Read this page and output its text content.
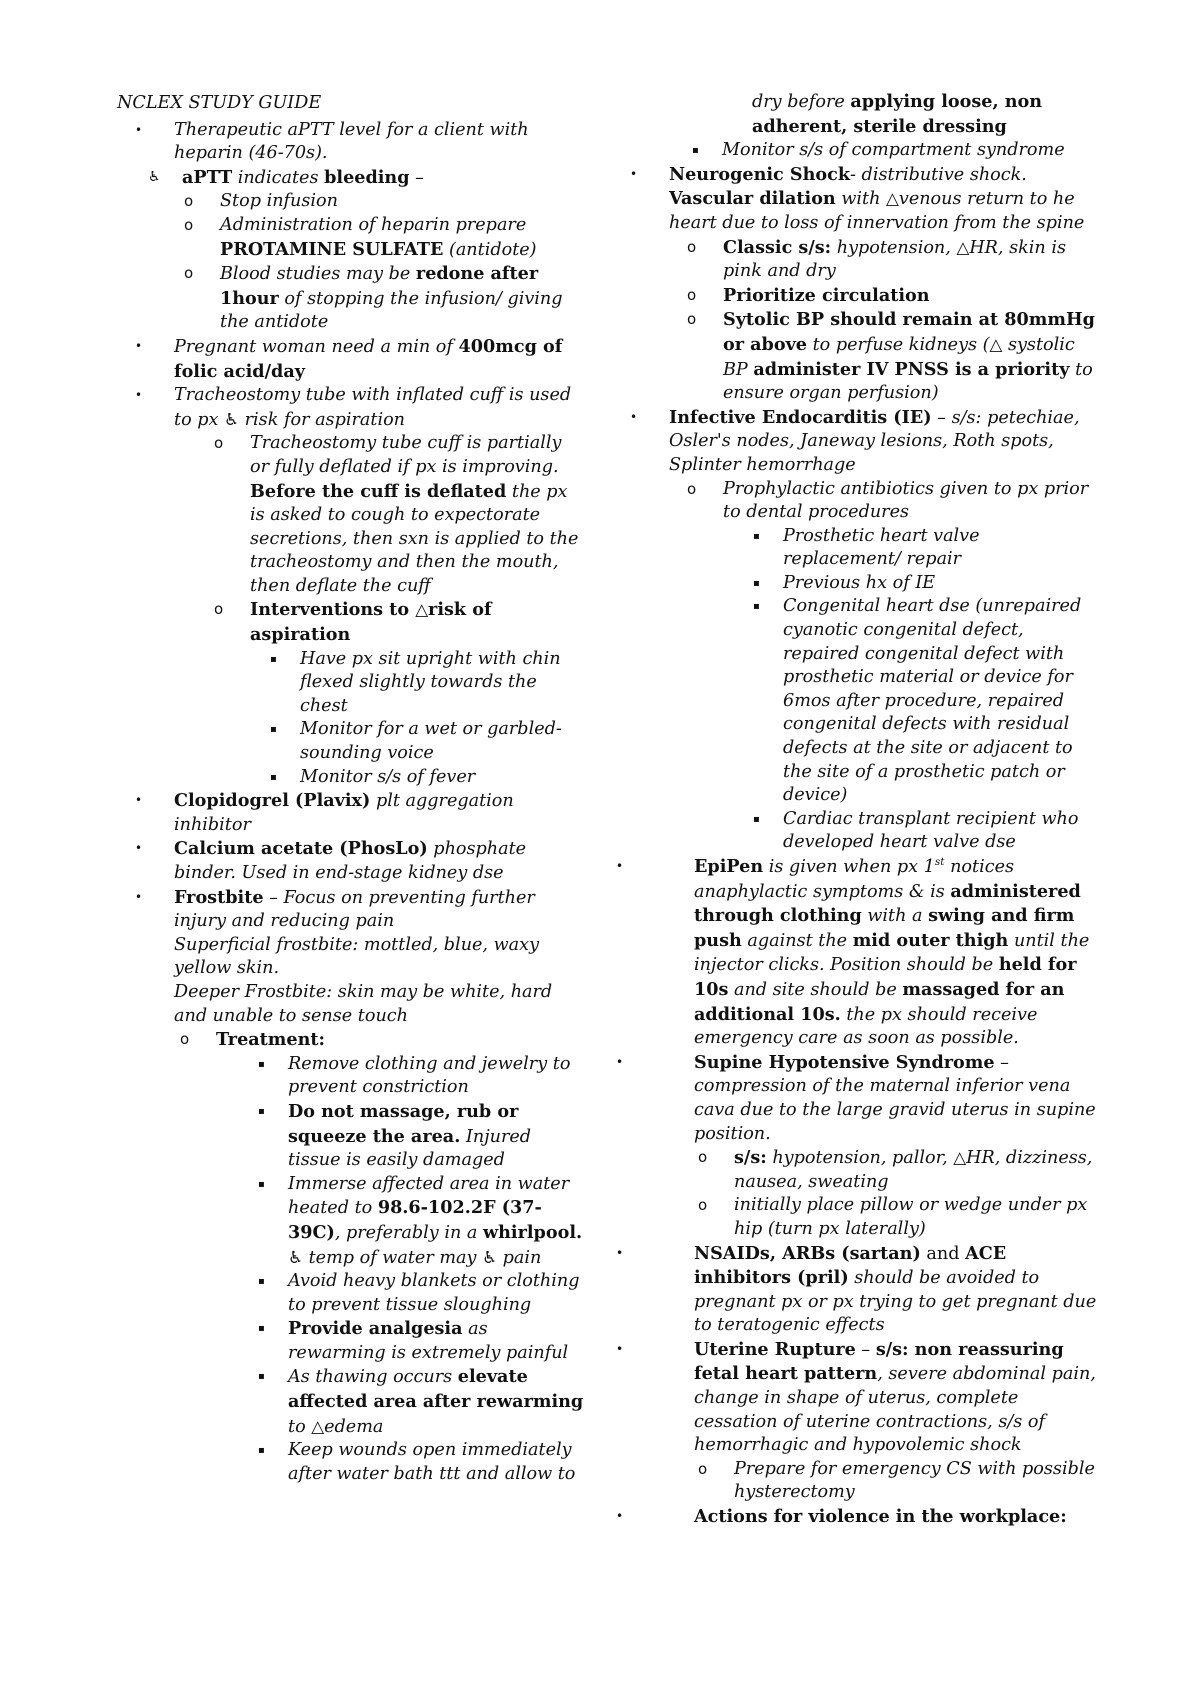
NCLEX STUDY GUIDE
• Therapeutic aPTT level for a client with heparin (46-70s).
♿ aPTT indicates bleeding –
o Stop infusion
o Administration of heparin prepare PROTAMINE SULFATE (antidote)
o Blood studies may be redone after 1hour of stopping the infusion/ giving the antidote
• Pregnant woman need a min of 400mcg of folic acid/day
• Tracheostomy tube with inflated cuff is used to px ♿ risk for aspiration
o Tracheostomy tube cuff is partially or fully deflated if px is improving. Before the cuff is deflated the px is asked to cough to expectorate secretions, then sxn is applied to the tracheostomy and then the mouth, then deflate the cuff
o Interventions to △risk of aspiration
▪ Have px sit upright with chin flexed slightly towards the chest
▪ Monitor for a wet or garbled-sounding voice
▪ Monitor s/s of fever
• Clopidogrel (Plavix) plt aggregation inhibitor
• Calcium acetate (PhosLo) phosphate binder. Used in end-stage kidney dse
• Frostbite – Focus on preventing further injury and reducing pain
Superficial frostbite: mottled, blue, waxy yellow skin.
Deeper Frostbite: skin may be white, hard and unable to sense touch
o Treatment:
▪ Remove clothing and jewelry to prevent constriction
▪ Do not massage, rub or squeeze the area. Injured tissue is easily damaged
▪ Immerse affected area in water heated to 98.6-102.2F (37-39C), preferably in a whirlpool. ♿ temp of water may ♿ pain
▪ Avoid heavy blankets or clothing to prevent tissue sloughing
▪ Provide analgesia as rewarming is extremely painful
▪ As thawing occurs elevate affected area after rewarming to △edema
▪ Keep wounds open immediately after water bath ttt and allow to
dry before applying loose, non adherent, sterile dressing
▪ Monitor s/s of compartment syndrome
• Neurogenic Shock- distributive shock.
Vascular dilation with △venous return to he heart due to loss of innervation from the spine
o Classic s/s: hypotension, △HR, skin is pink and dry
o Prioritize circulation
o Sytolic BP should remain at 80mmHg or above to perfuse kidneys (△ systolic BP administer IV PNSS is a priority to ensure organ perfusion)
• Infective Endocarditis (IE) – s/s: petechiae, Osler's nodes, Janeway lesions, Roth spots, Splinter hemorrhage
o Prophylactic antibiotics given to px prior to dental procedures
▪ Prosthetic heart valve replacement/ repair
▪ Previous hx of IE
▪ Congenital heart dse (unrepaired cyanotic congenital defect, repaired congenital defect with prosthetic material or device for 6mos after procedure, repaired congenital defects with residual defects at the site or adjacent to the site of a prosthetic patch or device)
▪ Cardiac transplant recipient who developed heart valve dse
•	EpiPen is given when px 1st notices anaphylactic symptoms & is administered through clothing with a swing and firm push against the mid outer thigh until the injector clicks. Position should be held for 10s and site should be massaged for an additional 10s. the px should receive emergency care as soon as possible.
•	Supine Hypotensive Syndrome – compression of the maternal inferior vena cava due to the large gravid uterus in supine position.
o s/s: hypotension, pallor, △HR, dizziness, nausea, sweating
o initially place pillow or wedge under px hip (turn px laterally)
•	NSAIDs, ARBs (sartan) and ACE inhibitors (pril) should be avoided to pregnant px or px trying to get pregnant due to teratogenic effects
•	Uterine Rupture – s/s: non reassuring fetal heart pattern, severe abdominal pain, change in shape of uterus, complete cessation of uterine contractions, s/s of hemorrhagic and hypovolemic shock
o Prepare for emergency CS with possible hysterectomy
•	Actions for violence in the workplace:
